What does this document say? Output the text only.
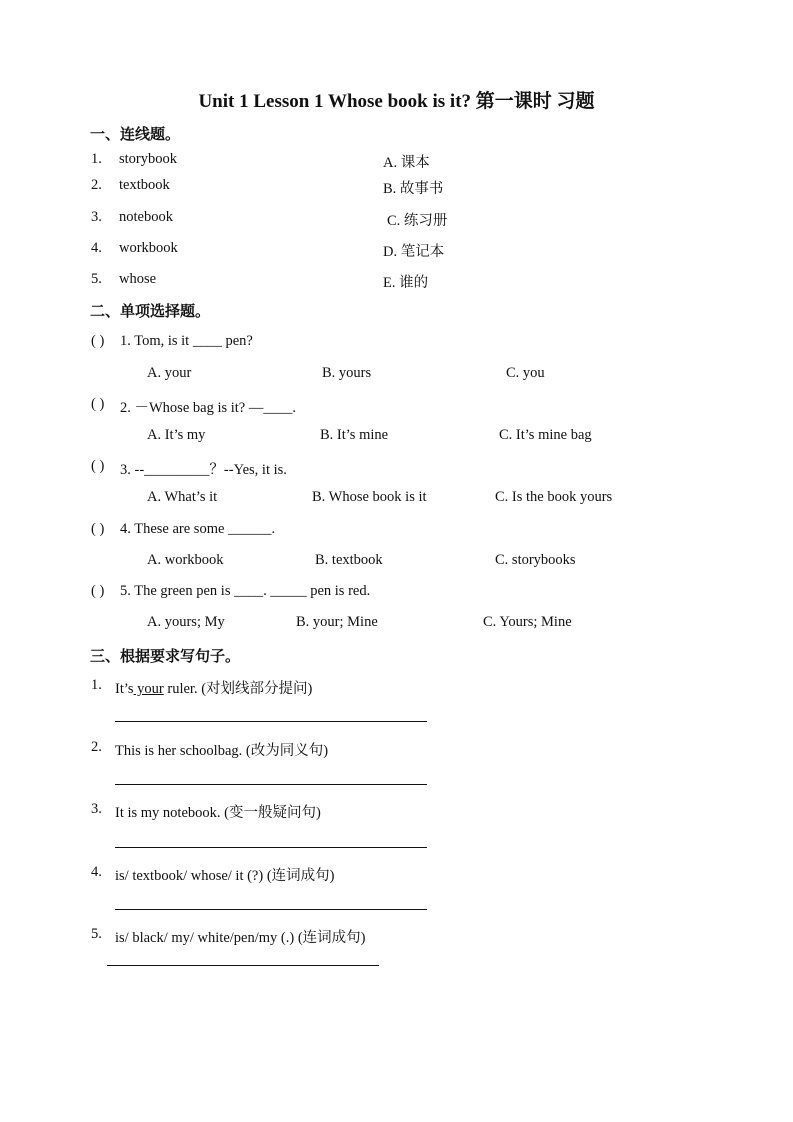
Unit 1 Lesson 1 Whose book is it? 第一课时 习题
一、连线题。
1. storybook	A. 课本
2. textbook	B. 故事书
3. notebook	C. 练习册
4. workbook	D. 笔记本
5. whose	E. 谁的
二、单项选择题。
( ) 1. Tom, is it ____ pen?
A. your	B. yours	C. you
( ) 2. －Whose bag is it? —____.
A. It’s my	B. It’s mine	C. It’s mine bag
( ) 3. --_________？--Yes, it is.
A. What’s it	B. Whose book is it	C. Is the book yours
( ) 4. These are some ______.
A. workbook	B. textbook	C. storybooks
( ) 5. The green pen is ____. _____ pen is red.
A. yours; My	B. your; Mine	C. Yours; Mine
三、根据要求写句子。
1. It’s your ruler. (对划线部分提问)
2. This is her schoolbag. (改为同义句)
3. It is my notebook. (变一般疑问句)
4. is/ textbook/ whose/ it (?) (连词成句)
5. is/ black/ my/ white/pen/my (.) (连词成句)
